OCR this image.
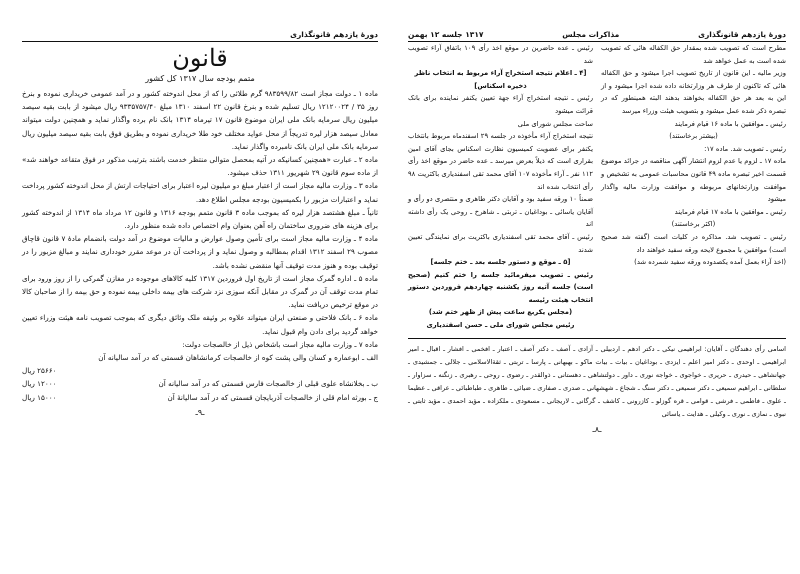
دورهٔ یازدهم قانونگذاری
قانون
متمم بودجه سال ۱۳۱۷ کل کشور

ماده ۱ ـ دولت مجاز است ۹۸۳۵۹۹/۸۲ گرم طلائی را که از محل اندوخته کشور و در آمد عمومی خریداری نموده و بنرخ روز ۳۵ / ۱۲۱۲۰۰۲۴ ریال تسلیم شده و بنرخ قانون ۲۲ اسفند ۱۳۱۰ مبلغ ۹۳۳۵۷۵۷/۴۰ ریال میشود از بابت بقیه سیصد میلیون ریال سرمایه بانک ملی ایران موضوع قانون ۱۷ تیرماه ۱۳۱۴ بانک نام برده واگذار نماید و همچنین دولت میتواند معادل سیصد هزار لیره تدریجاً از محل عواید مختلف خود طلا خریداری نموده و بطریق فوق بابت بقیه سیصد میلیون ریال سرمایه بانک ملی ایران بانک نامبرده واگذار نماید.

ماده ۲ ـ عبارت «همچنین کسانیکه در آتیه بمحصل متوالی منتظر خدمت باشند بترتیب مذکور در فوق متقاعد خواهند شد» از ماده سوم قانون ۲۹ شهریور ۱۳۱۱ حذف میشود.

ماده ۳ ـ وزارت مالیه مجاز است از اعتبار مبلغ دو میلیون لیره اعتبار برای احتیاجات ارتش از محل اندوخته کشور پرداخت نماید و اعتبارات مزبور را بکمیسیون بودجه مجلس اطلاع دهد.

ثانیاً ـ مبلغ هشتصد هزار لیره که بموجب ماده ۳ قانون متمم بودجه ۱۳۱۶ و قانون ۱۲ مرداد ماه ۱۳۱۴ از اندوخته کشور برای هزینه های ضروری ساختمان راه آهن بعنوان وام اختصاص داده شده منظور دارد.

ماده ۴ ـ وزارت مالیه مجاز است برای تأمین وصول عوارض و مالیات موضوع در آمد دولت بانضمام مادهٔ ۷ قانون قاچاق مصوب ۲۹ اسفند ۱۳۱۲ اقدام بمطالبه و وصول نماید و از پرداخت آن در موعد مقرر خودداری نمایند و مبالغ مزبور را در توقیف بوده و هنوز مدت توقیف آنها منقضی نشده باشد.

ماده ۵ ـ اداره گمرک مجاز است از تاریخ اول فروردین ۱۳۱۷ کلیه کالاهای موجوده در مغازن گمرکی را از روز ورود برای تمام مدت توقف آن در گمرک در مقابل آنکه سوزی نزد شرکت های بیمه داخلی بیمه نموده و حق بیمه را از صاحبان کالا در موقع ترخیص دریافت نماید.

ماده ۶ ـ بانک فلاحتی و صنعتی ایران میتواند علاوه بر وثیقه ملک وثائق دیگری که بموجب تصویب نامه هیئت وزراء تعیین خواهد گردید برای دادن وام قبول نماید.

ماده ۷ ـ وزارت مالیه مجاز است باشخاص ذیل از خالصجات دولت:

الف ـ ابوعماره و کسان والی پشت کوه از خالصجات کرمانشاهان قسمتی که در آمد سالیانه آن

۲۵۶۶۰ ریال
ب ـ بخلانشاه علوی قبلی از خالصجات فارس قسمتی که در آمد سالیانه آن
۱۲۰۰۰ ریال
ج ـ بورثه امام قلی از خالصجات آذربایجان قسمتی که در آمد سالیانهٔ آن
۱۵۰۰۰ ریال
ـ۹ـ
دورهٔ یازدهم قانونگذاری
مذاکرات مجلس
۱۳۱۷ جلسه ۱۲ بهمن

مطرح است که تصویب شده بمقدار حق الکفاله هائی که تصویب شده است به عمل خواهد شد

وزیر مالیه ـ این قانون از تاریخ تصویب اجرا میشود و حق الکفاله هائی که تاکنون از طرف هر وزارتخانه داده شده اجرا میشود و از این به بعد هر حق الکفاله بخواهند بدهند البته همینطور که در تبصره ذکر شده عمل میشود و بتصویب هیئت وزراء میرسد

رئیس ـ موافقین با ماده ۱۶ قیام فرمایند

(بیشتر برخاستند)

رئیس ـ تصویب شد. ماده ۱۷:

ماده ۱۷ ـ لزوم یا عدم لزوم انتشار آگهی مناقصه در جرائد موضوع قسمت اخیر تبصره ماده ۴۹ قانون محاسبات عمومی به تشخیص و موافقت وزارتخانهای مربوطه و موافقت وزارت مالیه واگذار میشود

رئیس ـ موافقین با ماده ۱۷ قیام فرمایند

(اکثر برخاستند)

رئیس ـ تصویب شد. مذاکره در کلیات است (گفته شد صحیح است) موافقین با مجموع لایحه ورقه سفید خواهند داد

(اخذ آراء بعمل آمده یکصدوده ورقه سفید شمرده شد)

رئیس ـ عده حاضرین در موقع اخذ رأی ۱۰۹ باتفاق آراء تصویب شد

[۴ ـ اعلام نتیجه استخراج آراء مربوط به انتخاب ناظر ذخیره اسکناس]

رئیس ـ نتیجه استخراج آراء جهة تعیین یکنفر نماینده برای بانک قرائت میشود

ساحت مجلس شورای ملی

نتیجه استخراج آراء مأخوذه در جلسه ۲۹ اسفندماه مربوط بانتخاب یکنفر برای عضویت کمیسیون نظارت اسکناس بجای آقای امین بقراری است که ذیلاً بعرض میرسد ـ عده حاضر در موقع اخذ رأی ۱۱۲ نفر ـ آراء مأخوذه ۱۰۷ آقای محمد تقی اسفندیاری باکثریت ۹۸ رأی انتخاب شده اند

ضمناً ۱۰ ورقه سفید بود و آقایان دکتر طاهری و منتصری دو رأی و آقایان یاسائی ـ بوداغیان ـ تربتی ـ شاهرخ ـ روحی یک رأی داشته اند

رئیس ـ آقای محمد تقی اسفندیاری باکثریت برای نمایندگی تعیین شدند

[۵ ـ موقع و دستور جلسه بعد ـ ختم جلسه]

رئیس ـ تصویب میفرمائید جلسه را ختم کنیم (صحیح است) جلسه آتیه روز یکشنبه چهاردهم فروردین دستور انتخاب هیئت رئیسه

(مجلس یکربع ساعت پیش از ظهر ختم شد)

رئیس مجلس شورای ملی ـ حسن اسفندیاری

اسامی رأی دهندگان ـ آقایان: ابراهیمی نیکی ـ دکتر ادهم ـ اردبیلی ـ آزادی ـ آصف ـ دکتر آصف ـ اعتبار ـ افخمی ـ افشار ـ اقبال ـ امیر ابراهیمی ـ اوحدی ـ دکتر امیر اعلم ـ ایزدی ـ بوداغیان ـ بیات ـ بیات ماکو ـ بهبهانی ـ پارسا ـ تربتی ـ ثقةالاسلامی ـ جلالی ـ جمشیدی ـ جهانشاهی ـ حیدری ـ حریری ـ خواجوی ـ خواجه نوری ـ داور ـ دولتشاهی ـ دهستانی ـ ذوالقدر ـ رضوی ـ روحی ـ رهبری ـ زنگنه ـ سزاوار ـ سلطانی ـ ابراهیم سمیعی ـ دکتر سمیعی ـ دکتر سنگ ـ شجاع ـ شهشهانی ـ صدری ـ صفاری ـ ضیائی ـ طاهری ـ طباطبائی ـ عراقی ـ عظیما ـ علوی ـ فاطمی ـ فرشی ـ قوامی ـ قره گوزلو ـ کازرونی ـ کاشف ـ گرگانی ـ لاریجانی ـ مسعودی ـ ملکزاده ـ مؤید احمدی ـ مؤید ثابتی ـ نبوی ـ نمازی ـ نوری ـ وکیلی ـ هدایت ـ یاسائی

ـ۸ـ
